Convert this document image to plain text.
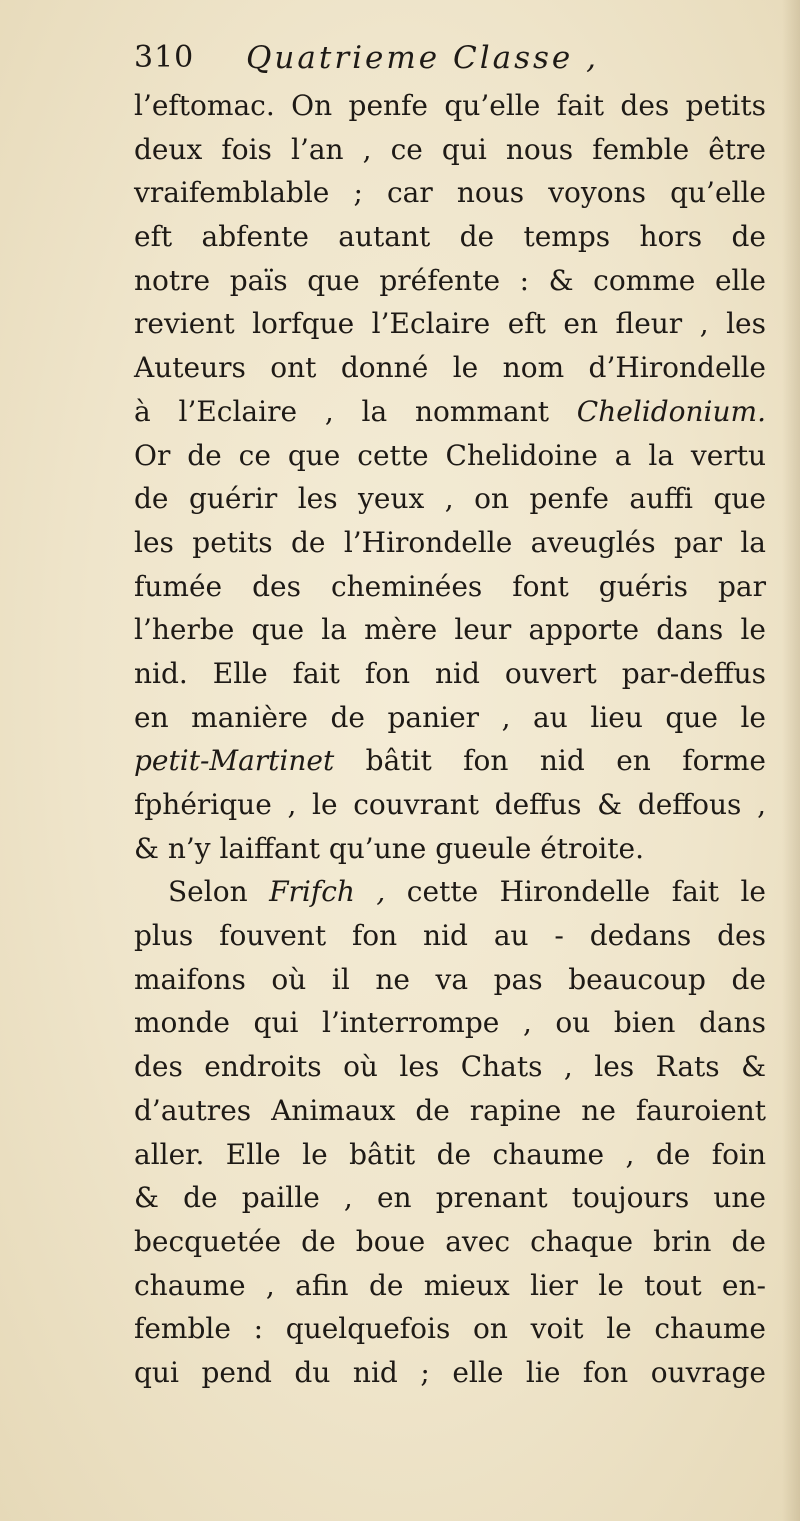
310 Quatrieme Classe ,
l’eftomac. On penfe qu’elle fait des petits
deux fois l’an , ce qui nous femble être
vraifemblable ; car nous voyons qu’elle
eft abfente autant de temps hors de
notre païs que préfente : & comme elle
revient lorfque l’Eclaire eft en fleur , les
Auteurs ont donné le nom d’Hirondelle
à l’Eclaire , la nommant Chelidonium.
Or de ce que cette Chelidoine a la vertu
de guérir les yeux , on penfe auffi que
les petits de l’Hirondelle aveuglés par la
fumée des cheminées font guéris par
l’herbe que la mère leur apporte dans le
nid. Elle fait fon nid ouvert par-deffus
en manière de panier , au lieu que le
petit-Martinet bâtit fon nid en forme
fphérique , le couvrant deffus & deffous ,
& n’y laiffant qu’une gueule étroite.
Selon Frifch , cette Hirondelle fait le
plus fouvent fon nid au - dedans des
maifons où il ne va pas beaucoup de
monde qui l’interrompe , ou bien dans
des endroits où les Chats , les Rats &
d’autres Animaux de rapine ne fauroient
aller. Elle le bâtit de chaume , de foin
& de paille , en prenant toujours une
becquetée de boue avec chaque brin de
chaume , afin de mieux lier le tout en-
femble : quelquefois on voit le chaume
qui pend du nid ; elle lie fon ouvrage
